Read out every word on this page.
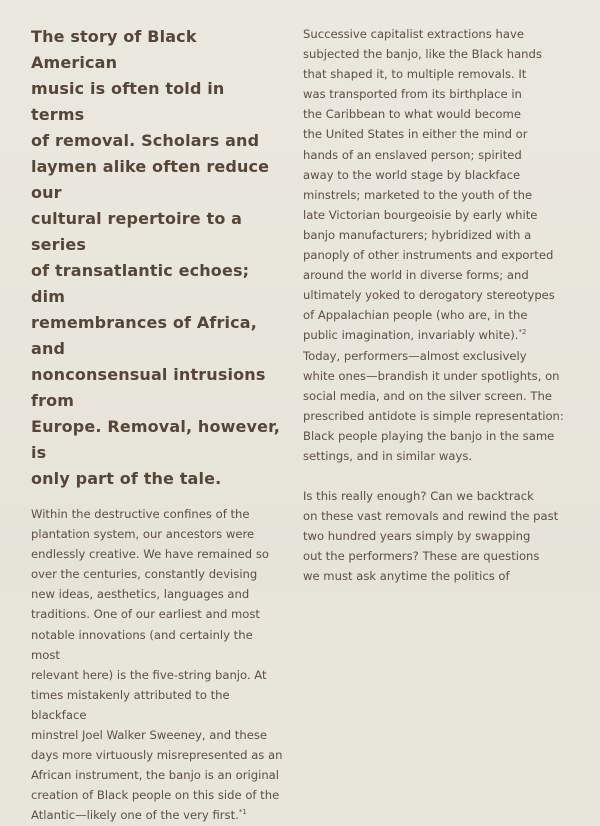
The story of Black American
music is often told in terms
of removal. Scholars and
laymen alike often reduce our
cultural repertoire to a series
of transatlantic echoes; dim
remembrances of Africa, and
nonconsensual intrusions from
Europe. Removal, however, is
only part of the tale.

Within the destructive confines of the
plantation system, our ancestors were
endlessly creative. We have remained so
over the centuries, constantly devising
new ideas, aesthetics, languages and
traditions. One of our earliest and most
notable innovations (and certainly the most
relevant here) is the five-string banjo. At
times mistakenly attributed to the blackface
minstrel Joel Walker Sweeney, and these
days more virtuously misrepresented as an
African instrument, the banjo is an original
creation of Black people on this side of the
Atlantic—likely one of the very first.$^{*1}$

Successive capitalist extractions have
subjected the banjo, like the Black hands
that shaped it, to multiple removals. It
was transported from its birthplace in
the Caribbean to what would become
the United States in either the mind or
hands of an enslaved person; spirited
away to the world stage by blackface
minstrels; marketed to the youth of the
late Victorian bourgeoisie by early white
banjo manufacturers; hybridized with a
panoply of other instruments and exported
around the world in diverse forms; and
ultimately yoked to derogatory stereotypes
of Appalachian people (who are, in the
public imagination, invariably white).$^{*2}$
Today, performers—almost exclusively
white ones—brandish it under spotlights, on
social media, and on the silver screen. The
prescribed antidote is simple representation:
Black people playing the banjo in the same
settings, and in similar ways.

Is this really enough? Can we backtrack
on these vast removals and rewind the past
two hundred years simply by swapping
out the performers? These are questions
we must ask anytime the politics of
